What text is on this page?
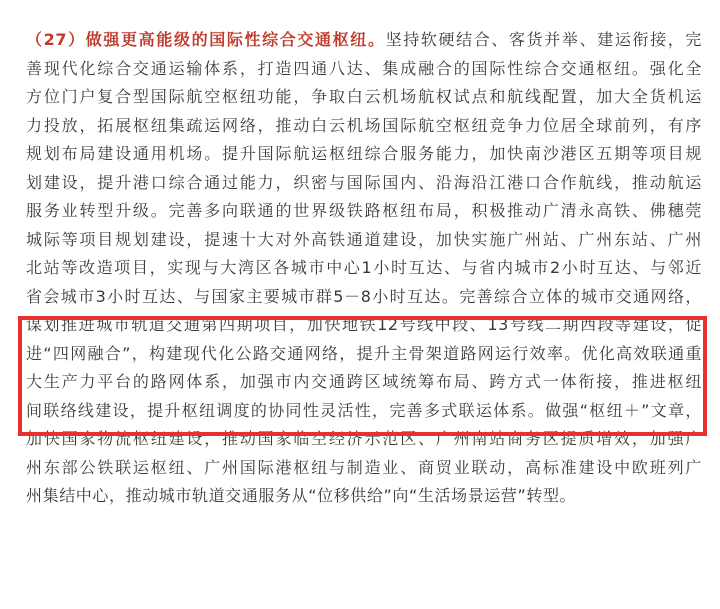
（27）做强更高能级的国际性综合交通枢纽。坚持软硬结合、客货并举、建运衔接，完
善现代化综合交通运输体系，打造四通八达、集成融合的国际性综合交通枢纽。强化全
方位门户复合型国际航空枢纽功能，争取白云机场航权试点和航线配置，加大全货机运
力投放，拓展枢纽集疏运网络，推动白云机场国际航空枢纽竞争力位居全球前列，有序
规划布局建设通用机场。提升国际航运枢纽综合服务能力，加快南沙港区五期等项目规
划建设，提升港口综合通过能力，织密与国际国内、沿海沿江港口合作航线，推动航运
服务业转型升级。完善多向联通的世界级铁路枢纽布局，积极推动广清永高铁、佛穗莞
城际等项目规划建设，提速十大对外高铁通道建设，加快实施广州站、广州东站、广州
北站等改造项目，实现与大湾区各城市中心1小时互达、与省内城市2小时互达、与邻近
省会城市3小时互达、与国家主要城市群5－8小时互达。完善综合立体的城市交通网络，
谋划推进城市轨道交通第四期项目，加快地铁12号线中段、13号线二期西段等建设，促
进“四网融合”，构建现代化公路交通网络，提升主骨架道路网运行效率。优化高效联通重
大生产力平台的路网体系，加强市内交通跨区域统筹布局、跨方式一体衔接，推进枢纽
间联络线建设，提升枢纽调度的协同性灵活性，完善多式联运体系。做强“枢纽＋”文章，
加快国家物流枢纽建设，推动国家临空经济示范区、广州南站商务区提质增效，加强广
州东部公铁联运枢纽、广州国际港枢纽与制造业、商贸业联动，高标准建设中欧班列广
州集结中心，推动城市轨道交通服务从“位移供给”向“生活场景运营”转型。
